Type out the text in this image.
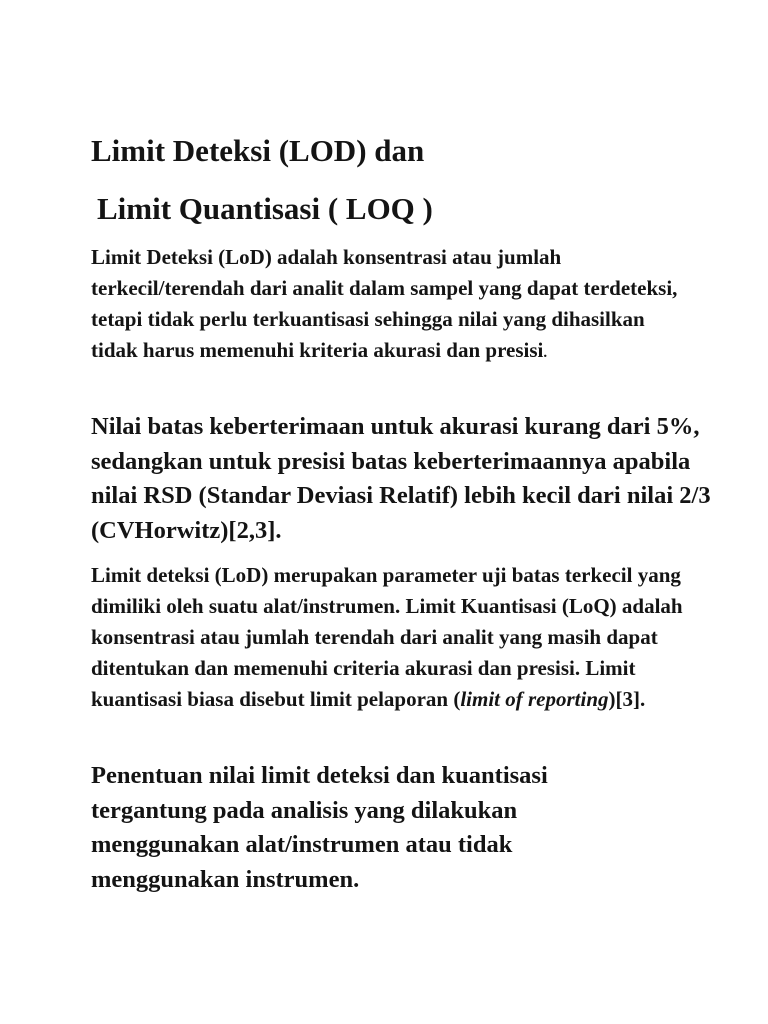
Limit Deteksi (LOD) dan
Limit Quantisasi ( LOQ )

Limit Deteksi (LoD) adalah konsentrasi atau jumlah terkecil/terendah dari analit dalam sampel yang dapat terdeteksi, tetapi tidak perlu terkuantisasi sehingga nilai yang dihasilkan tidak harus memenuhi kriteria akurasi dan presisi.

Nilai batas keberterimaan untuk akurasi kurang dari 5%, sedangkan untuk presisi batas keberterimaannya apabila nilai RSD (Standar Deviasi Relatif) lebih kecil dari nilai 2/3 (CVHorwitz)[2,3].

Limit deteksi (LoD) merupakan parameter uji batas terkecil yang dimiliki oleh suatu alat/instrumen. Limit Kuantisasi (LoQ) adalah konsentrasi atau jumlah terendah dari analit yang masih dapat ditentukan dan memenuhi criteria akurasi dan presisi. Limit kuantisasi biasa disebut limit pelaporan (limit of reporting)[3].

Penentuan nilai limit deteksi dan kuantisasi tergantung pada analisis yang dilakukan menggunakan alat/instrumen atau tidak menggunakan instrumen.
